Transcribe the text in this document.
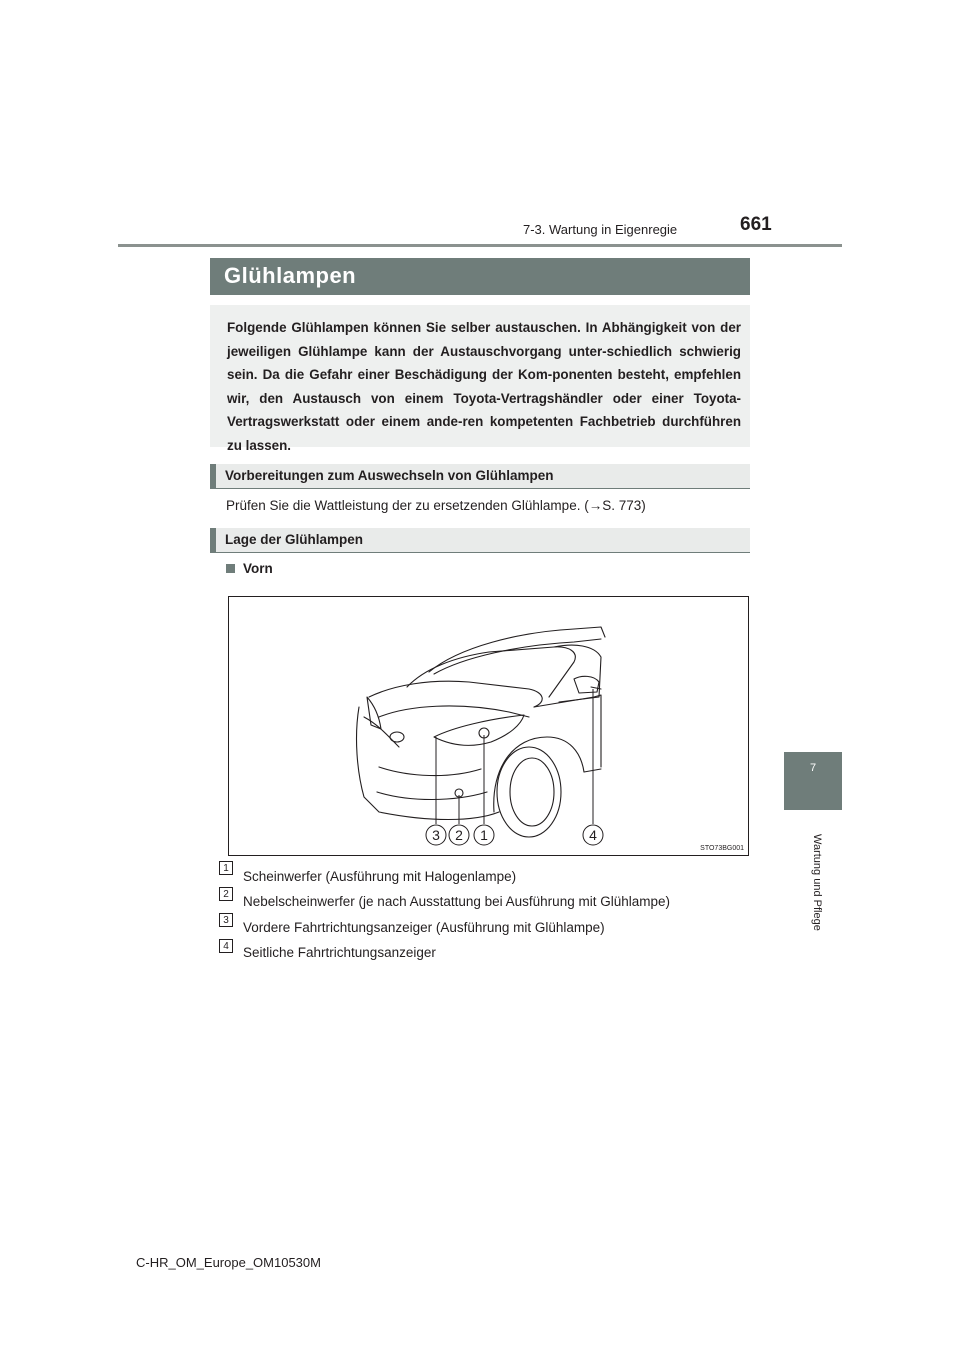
7-3. Wartung in Eigenregie	661
7
Wartung und Pflege
Glühlampen

Folgende Glühlampen können Sie selber austauschen. In Abhängigkeit von der jeweiligen Glühlampe kann der Austauschvorgang unter-schiedlich schwierig sein. Da die Gefahr einer Beschädigung der Kom-ponenten besteht, empfehlen wir, den Austausch von einem Toyota-Vertragshändler oder einer Toyota-Vertragswerkstatt oder einem ande-ren kompetenten Fachbetrieb durchführen zu lassen.

Vorbereitungen zum Auswechseln von Glühlampen
Prüfen Sie die Wattleistung der zu ersetzenden Glühlampe. (→S. 773)
Lage der Glühlampen
Vorn
3 2 1	4
STO73BG001
1
Scheinwerfer (Ausführung mit Halogenlampe)
2	Nebelscheinwerfer (je nach Ausstattung bei Ausführung mit Glühlampe)
3	Vordere Fahrtrichtungsanzeiger (Ausführung mit Glühlampe)
4	Seitliche Fahrtrichtungsanzeiger
C-HR_OM_Europe_OM10530M
